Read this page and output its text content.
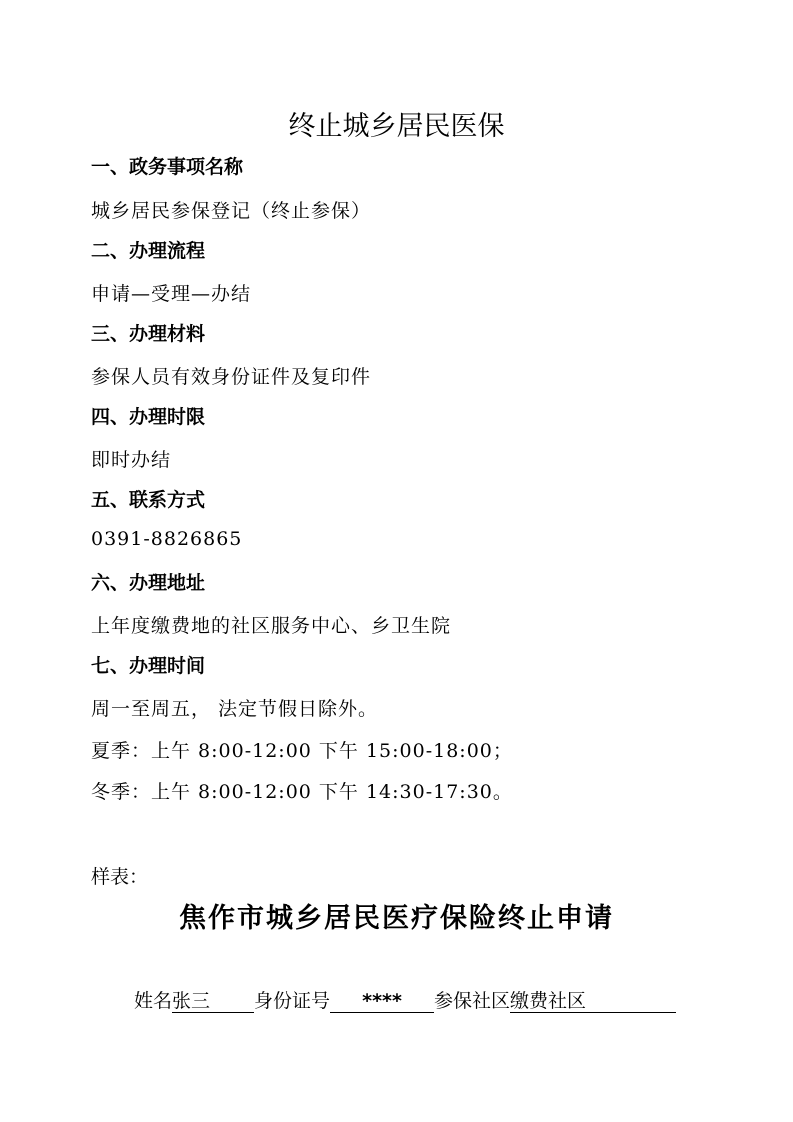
终止城乡居民医保
一、政务事项名称
城乡居民参保登记（终止参保）
二、办理流程
申请—受理—办结
三、办理材料
参保人员有效身份证件及复印件
四、办理时限
即时办结
五、联系方式
0391-8826865
六、办理地址
上年度缴费地的社区服务中心、乡卫生院
七、办理时间
周一至周五， 法定节假日除外。
夏季：上午 8:00-12:00 下午 15:00-18:00；
冬季：上午 8:00-12:00 下午 14:30-17:30。
样表：
焦作市城乡居民医疗保险终止申请
姓名张三 身份证号 **** 参保社区缴费社区
